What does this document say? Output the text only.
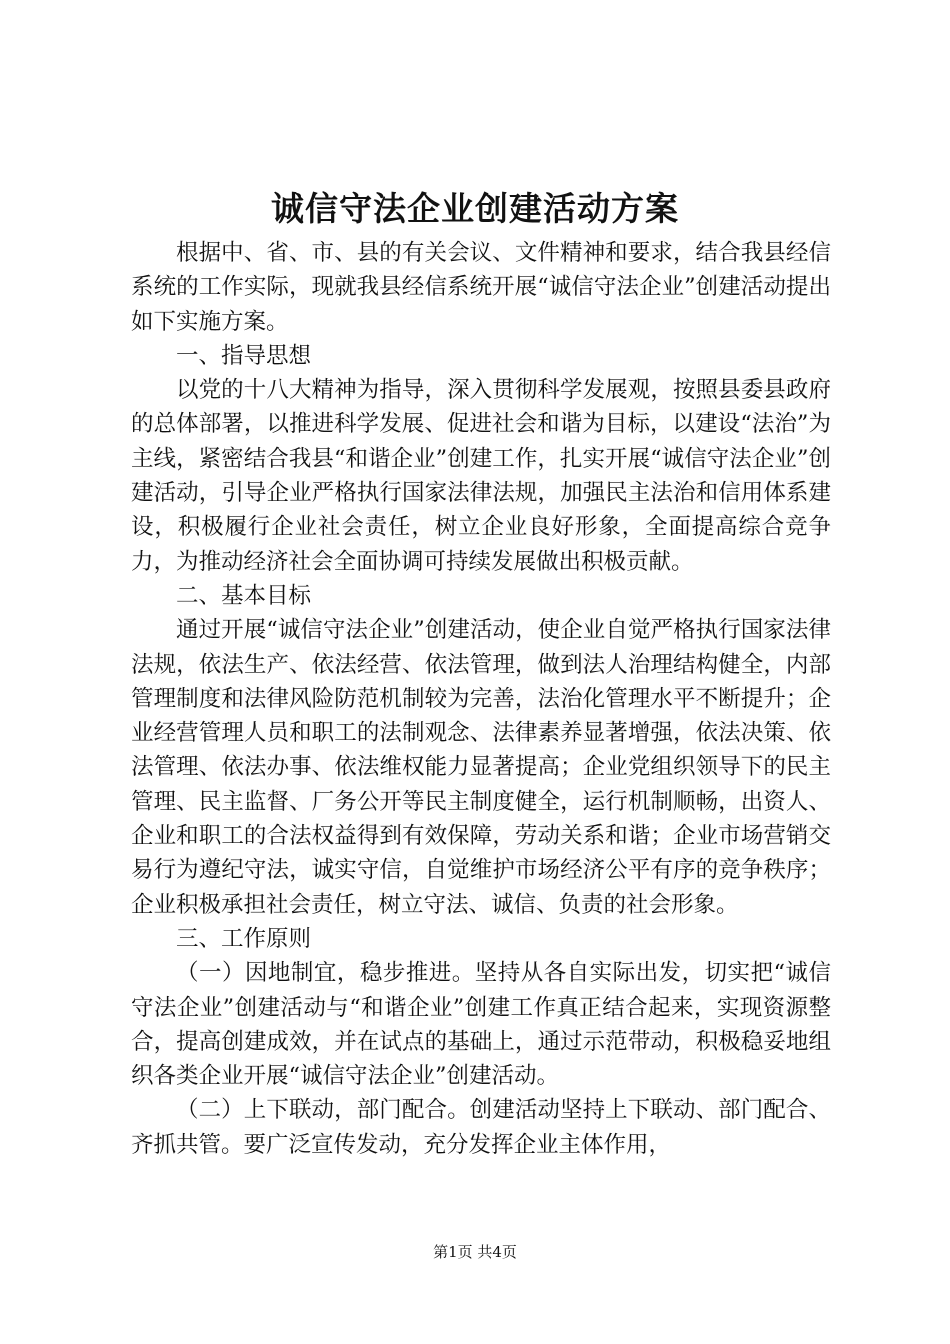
诚信守法企业创建活动方案

根据中、省、市、县的有关会议、文件精神和要求，结合我县经信系统的工作实际，现就我县经信系统开展“诚信守法企业”创建活动提出如下实施方案。

一、指导思想

以党的十八大精神为指导，深入贯彻科学发展观，按照县委县政府的总体部署，以推进科学发展、促进社会和谐为目标，以建设“法治”为主线，紧密结合我县“和谐企业”创建工作，扎实开展“诚信守法企业”创建活动，引导企业严格执行国家法律法规，加强民主法治和信用体系建设，积极履行企业社会责任，树立企业良好形象，全面提高综合竞争力，为推动经济社会全面协调可持续发展做出积极贡献。

二、基本目标

通过开展“诚信守法企业”创建活动，使企业自觉严格执行国家法律法规，依法生产、依法经营、依法管理，做到法人治理结构健全，内部管理制度和法律风险防范机制较为完善，法治化管理水平不断提升；企业经营管理人员和职工的法制观念、法律素养显著增强，依法决策、依法管理、依法办事、依法维权能力显著提高；企业党组织领导下的民主管理、民主监督、厂务公开等民主制度健全，运行机制顺畅，出资人、企业和职工的合法权益得到有效保障，劳动关系和谐；企业市场营销交易行为遵纪守法，诚实守信，自觉维护市场经济公平有序的竞争秩序；企业积极承担社会责任，树立守法、诚信、负责的社会形象。

三、工作原则

（一）因地制宜，稳步推进。坚持从各自实际出发，切实把“诚信守法企业”创建活动与“和谐企业”创建工作真正结合起来，实现资源整合，提高创建成效，并在试点的基础上，通过示范带动，积极稳妥地组织各类企业开展“诚信守法企业”创建活动。

（二）上下联动，部门配合。创建活动坚持上下联动、部门配合、齐抓共管。要广泛宣传发动，充分发挥企业主体作用，

第1页 共4页
